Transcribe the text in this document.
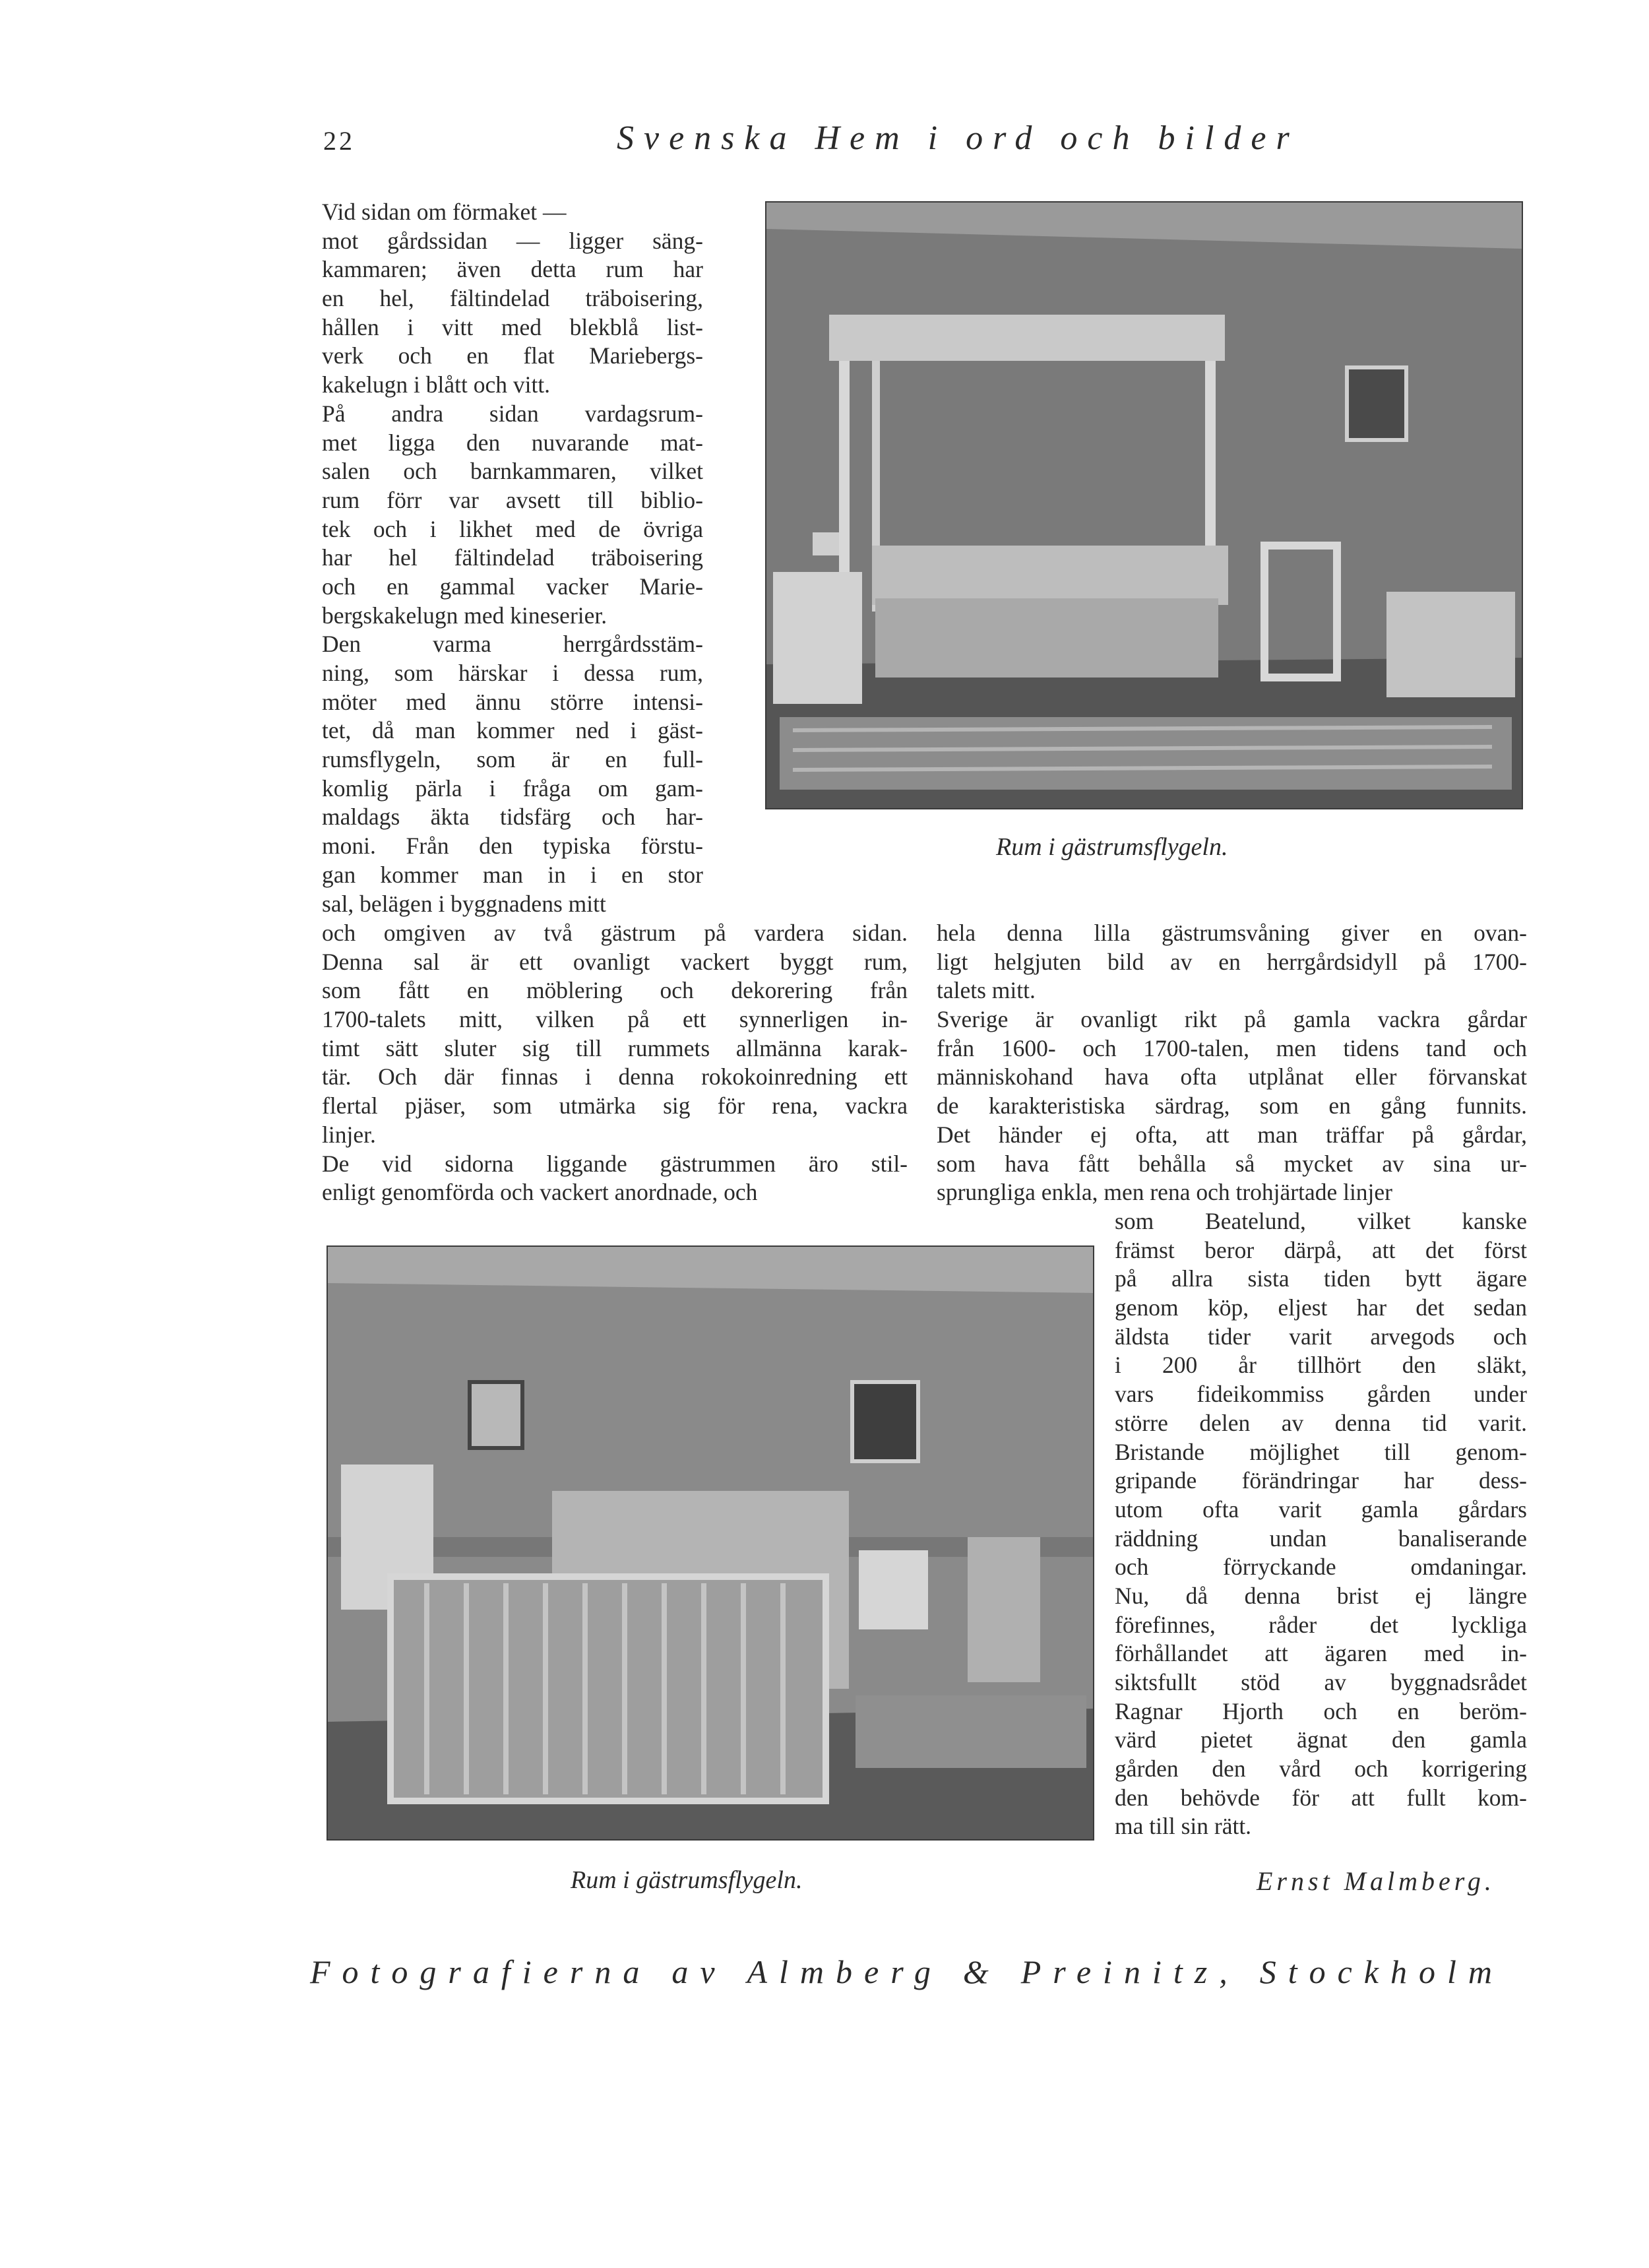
22	Svenska Hem i ord och bilder
Vid sidan om förmaket —
mot gårdssidan — ligger säng-
kammaren; även detta rum har
en hel, fältindelad träboisering,
hållen i vitt med blekblå list-
verk och en flat Mariebergs-
kakelugn i blått och vitt.
På andra sidan vardagsrum-
met ligga den nuvarande mat-
salen och barnkammaren, vilket
rum förr var avsett till biblio-
tek och i likhet med de övriga
har hel fältindelad träboisering
och en gammal vacker Marie-
bergskakelugn med kineserier.
Den varma herrgårdsstäm-
ning, som härskar i dessa rum,
möter med ännu större intensi-
tet, då man kommer ned i gäst-
rumsflygeln, som är en full-
komlig pärla i fråga om gam-
maldags äkta tidsfärg och har-
moni. Från den typiska förstu-
gan kommer man in i en stor
sal, belägen i byggnadens mitt
och omgiven av två gästrum på vardera sidan.
Denna sal är ett ovanligt vackert byggt rum,
som fått en möblering och dekorering från
1700-talets mitt, vilken på ett synnerligen in-
timt sätt sluter sig till rummets allmänna karak-
tär. Och där finnas i denna rokokoinredning ett
flertal pjäser, som utmärka sig för rena, vackra
linjer.
De vid sidorna liggande gästrummen äro stil-
enligt genomförda och vackert anordnade, och
hela denna lilla gästrumsvåning giver en ovan-
ligt helgjuten bild av en herrgårdsidyll på 1700-
talets mitt.
Sverige är ovanligt rikt på gamla vackra gårdar
från 1600- och 1700-talen, men tidens tand och
människohand hava ofta utplånat eller förvanskat
de karakteristiska särdrag, som en gång funnits.
Det händer ej ofta, att man träffar på gårdar,
som hava fått behålla så mycket av sina ur-
sprungliga enkla, men rena och trohjärtade linjer
som Beatelund, vilket kanske
främst beror därpå, att det först
på allra sista tiden bytt ägare
genom köp, eljest har det sedan
äldsta tider varit arvegods och
i 200 år tillhört den släkt,
vars fideikommiss gården under
större delen av denna tid varit.
Bristande möjlighet till genom-
gripande förändringar har dess-
utom ofta varit gamla gårdars
räddning undan banaliserande
och förryckande omdaningar.
Nu, då denna brist ej längre
förefinnes, råder det lyckliga
förhållandet att ägaren med in-
siktsfullt stöd av byggnadsrådet
Ragnar Hjorth och en beröm-
värd pietet ägnat den gamla
gården den vård och korrigering
den behövde för att fullt kom-
ma till sin rätt.
Rum i gästrumsflygeln.
Rum i gästrumsflygeln.	Ernst Malmberg.
Fotografierna av Almberg & Preinitz, Stockholm
